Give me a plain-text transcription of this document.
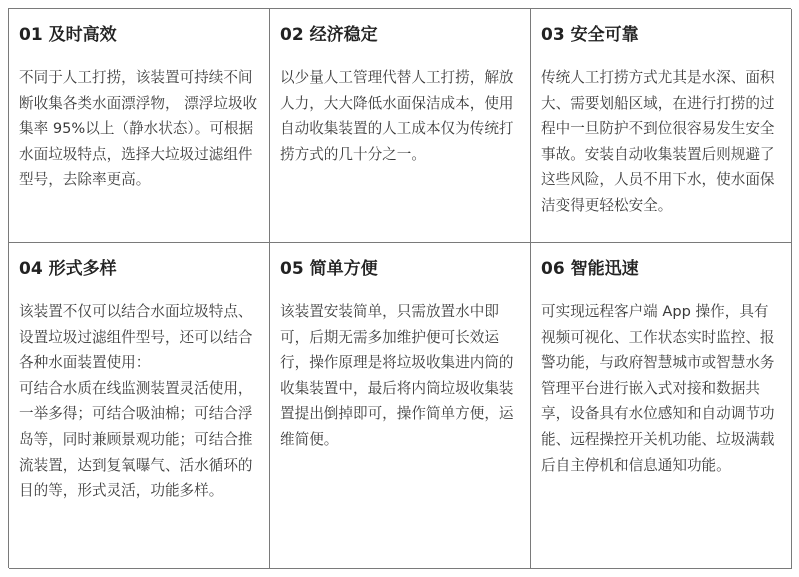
01 及时高效

不同于人工打捞，该装置可持续不间断收集各类水面漂浮物， 漂浮垃圾收集率 95%以上（静水状态）。可根据水面垃圾特点，选择大垃圾过滤组件型号，去除率更高。

02 经济稳定

以少量人工管理代替人工打捞，解放人力，大大降低水面保洁成本，使用自动收集装置的人工成本仅为传统打捞方式的几十分之一。

03 安全可靠

传统人工打捞方式尤其是水深、面积大、需要划船区域，在进行打捞的过程中一旦防护不到位很容易发生安全事故。安装自动收集装置后则规避了这些风险，人员不用下水，使水面保洁变得更轻松安全。

04 形式多样

该装置不仅可以结合水面垃圾特点、设置垃圾过滤组件型号，还可以结合各种水面装置使用：
可结合水质在线监测装置灵活使用，一举多得；可结合吸油棉；可结合浮岛等，同时兼顾景观功能；可结合推流装置，达到复氧曝气、活水循环的目的等，形式灵活，功能多样。

05 简单方便

该装置安装简单，只需放置水中即可，后期无需多加维护便可长效运行，操作原理是将垃圾收集进内筒的收集装置中，最后将内筒垃圾收集装置提出倒掉即可，操作简单方便，运维简便。

06 智能迅速

可实现远程客户端 App 操作，具有视频可视化、工作状态实时监控、报警功能，与政府智慧城市或智慧水务管理平台进行嵌入式对接和数据共享，设备具有水位感知和自动调节功能、远程操控开关机功能、垃圾满载后自主停机和信息通知功能。
